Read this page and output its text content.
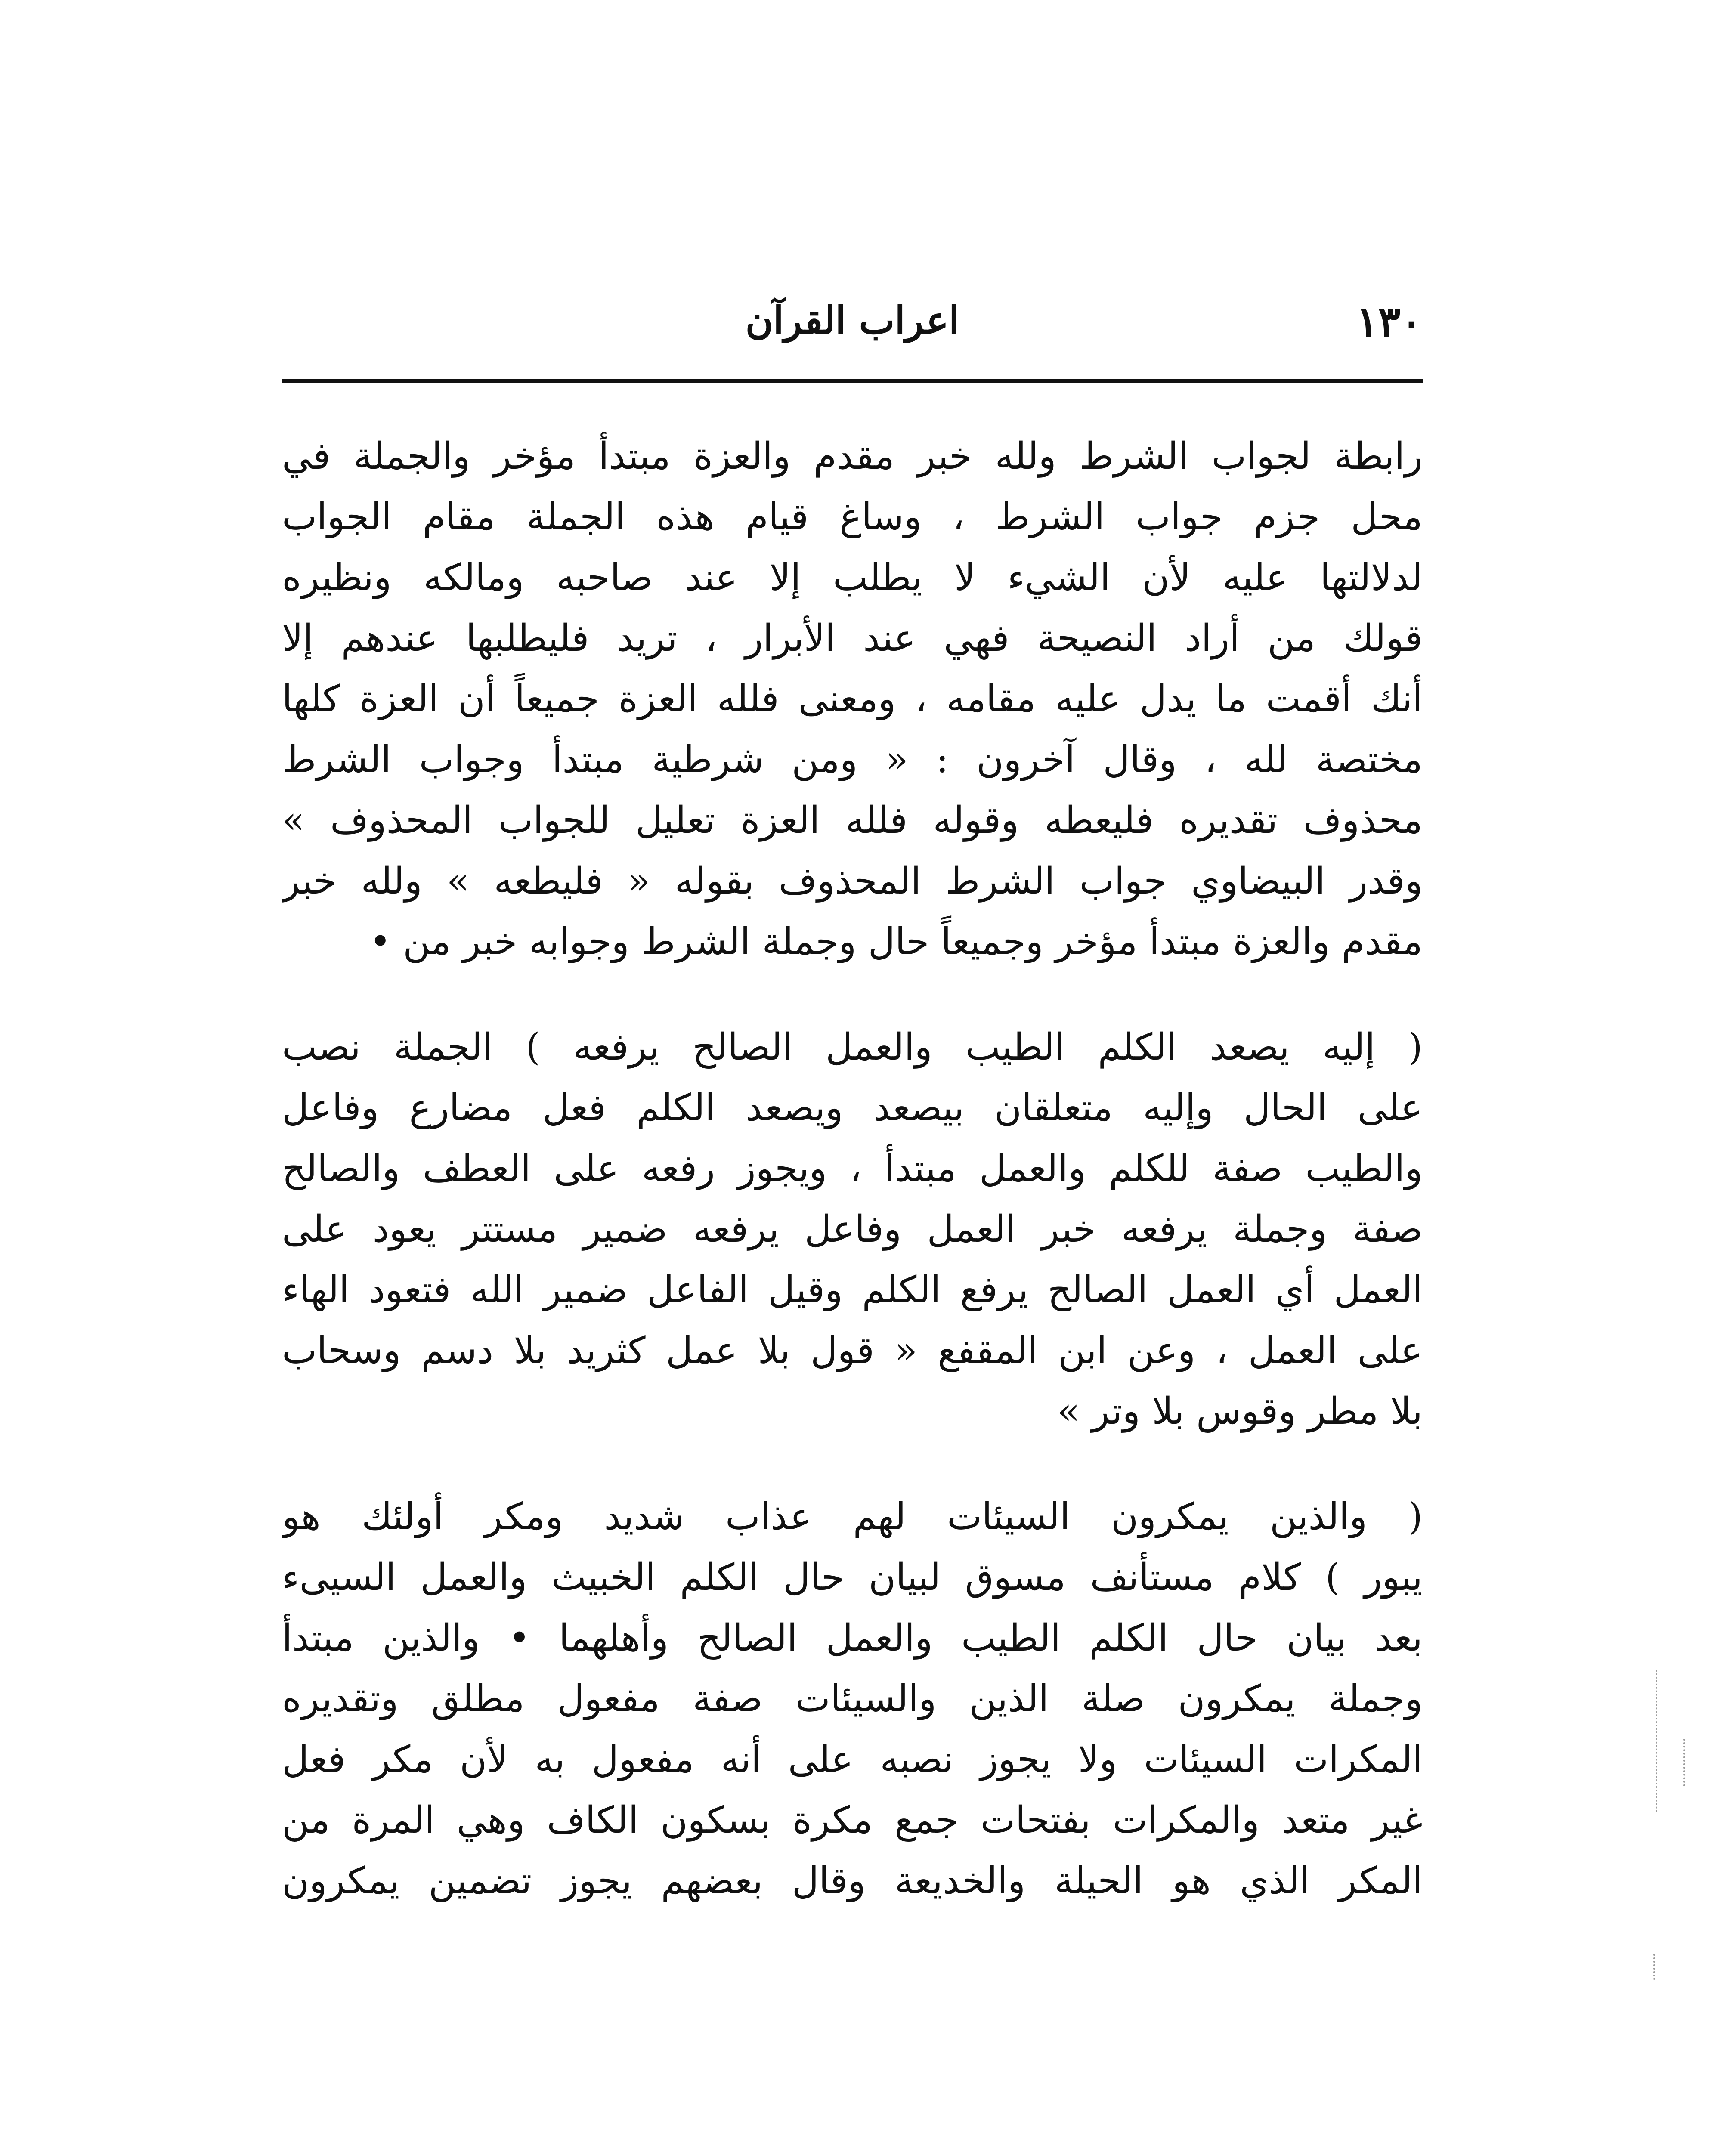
١٣٠
اعراب القرآن
رابطة لجواب الشرط ولله خبر مقدم والعزة مبتدأ مؤخر والجملة في
محل جزم جواب الشرط ، وساغ قيام هذه الجملة مقام الجواب
لدلالتها عليه لأن الشيء لا يطلب إلا عند صاحبه ومالكه ونظيره
قولك من أراد النصيحة فهي عند الأبرار ، تريد فليطلبها عندهم إلا
أنك أقمت ما يدل عليه مقامه ، ومعنى فلله العزة جميعاً أن العزة كلها
مختصة لله ، وقال آخرون : « ومن شرطية مبتدأ وجواب الشرط
محذوف تقديره فليعطه وقوله فلله العزة تعليل للجواب المحذوف »
وقدر البيضاوي جواب الشرط المحذوف بقوله « فليطعه » ولله خبر
مقدم والعزة مبتدأ مؤخر وجميعاً حال وجملة الشرط وجوابه خبر من •
( إليه يصعد الكلم الطيب والعمل الصالح يرفعه ) الجملة نصب
على الحال وإليه متعلقان بيصعد ويصعد الكلم فعل مضارع وفاعل
والطيب صفة للكلم والعمل مبتدأ ، ويجوز رفعه على العطف والصالح
صفة وجملة يرفعه خبر العمل وفاعل يرفعه ضمير مستتر يعود على
العمل أي العمل الصالح يرفع الكلم وقيل الفاعل ضمير الله فتعود الهاء
على العمل ، وعن ابن المقفع « قول بلا عمل كثريد بلا دسم وسحاب
بلا مطر وقوس بلا وتر »
( والذين يمكرون السيئات لهم عذاب شديد ومكر أولئك هو
يبور ) كلام مستأنف مسوق لبيان حال الكلم الخبيث والعمل السيىء
بعد بيان حال الكلم الطيب والعمل الصالح وأهلهما • والذين مبتدأ
وجملة يمكرون صلة الذين والسيئات صفة مفعول مطلق وتقديره
المكرات السيئات ولا يجوز نصبه على أنه مفعول به لأن مكر فعل
غير متعد والمكرات بفتحات جمع مكرة بسكون الكاف وهي المرة من
المكر الذي هو الحيلة والخديعة وقال بعضهم يجوز تضمين يمكرون
